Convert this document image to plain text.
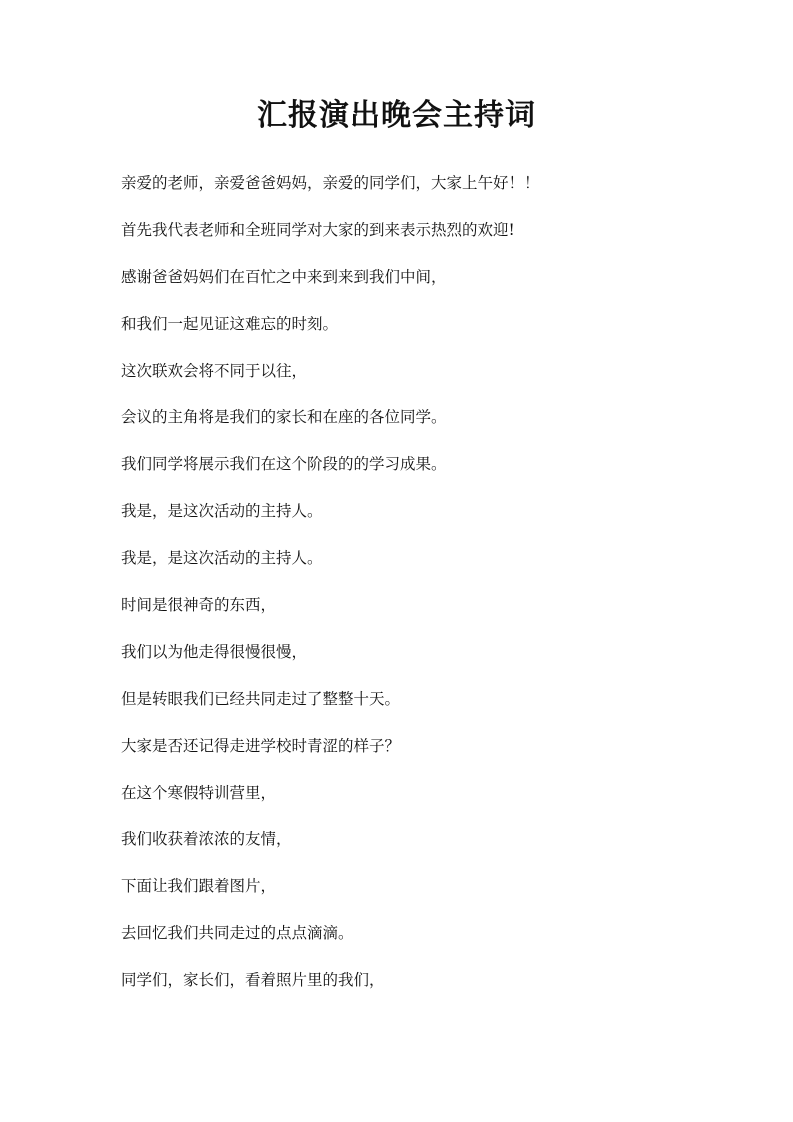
汇报演出晚会主持词
亲爱的老师，亲爱爸爸妈妈，亲爱的同学们，大家上午好！！
首先我代表老师和全班同学对大家的到来表示热烈的欢迎!
感谢爸爸妈妈们在百忙之中来到来到我们中间，
和我们一起见证这难忘的时刻。
这次联欢会将不同于以往，
会议的主角将是我们的家长和在座的各位同学。
我们同学将展示我们在这个阶段的的学习成果。
我是，是这次活动的主持人。
我是，是这次活动的主持人。
时间是很神奇的东西，
我们以为他走得很慢很慢，
但是转眼我们已经共同走过了整整十天。
大家是否还记得走进学校时青涩的样子？
在这个寒假特训营里，
我们收获着浓浓的友情，
下面让我们跟着图片，
去回忆我们共同走过的点点滴滴。
同学们，家长们，看着照片里的我们，
